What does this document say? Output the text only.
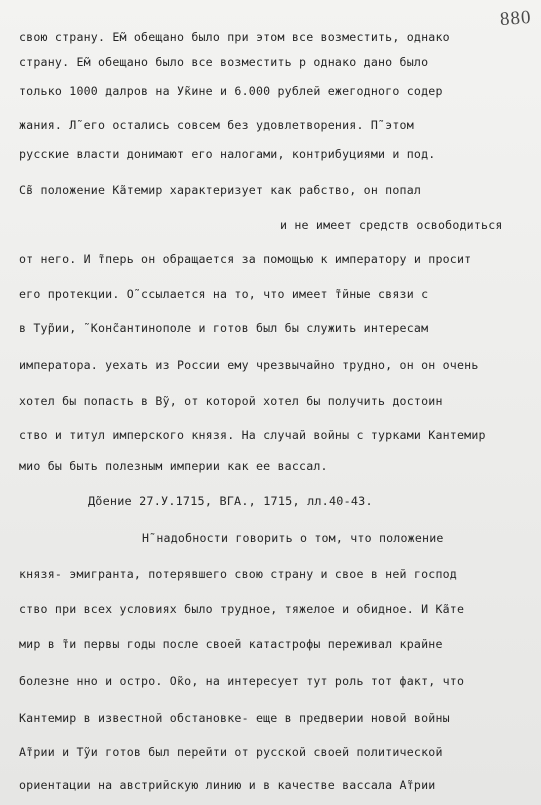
880
свою страну. Ем̃ обещано было при этом все возместить, однако
страну. Ем̃ обещано было все возместить р однако дано было
только 1000 далров на Ук̃ине и 6.000 рублей ежегодного содер
жания. Л̃ его остались совсем без удовлетворения. П̃ этом
русские власти донимают его налогами, контрибуциями и под.
Св̃ положение Ка̃темир характеризует как рабство, он попал
и не имеет средств освободиться
от него. И т̃перь он обращается за помощью к императору и просит
его протекции. О̃ ссылается на то, что имеет т̃йные связи с
в Тур̃ии, ̃ Конс̃антинополе и готов был бы служить интересам
императора. уехать из России ему чрезвычайно трудно, он он очень
хотел бы попасть в В̃у, от которой хотел бы получить достоин
ство и титул имперского князя. На случай войны с турками Кантемир
мио бы быть полезным империи как ее вассал.
До̃ение 27.У.1715, ВГА., 1715, лл.40-43.
Н̃ надобности говорить о том, что положение
князя- эмигранта, потерявшего свою страну и свое в ней господ
ство при всех условиях было трудное, тяжелое и обидное. И Ка̃те
мир в ̃ти первы годы после своей катастрофы переживал крайне
болезне нно и остро. О̃ко, на интересует тут роль тот факт, что
Кантемир в известной обстановке- еще в предверии новой войны
А̃трии и Ту̃и готов был перейти от русской своей политической
ориентации на австрийскую линию и в качестве вассала А̃трии
